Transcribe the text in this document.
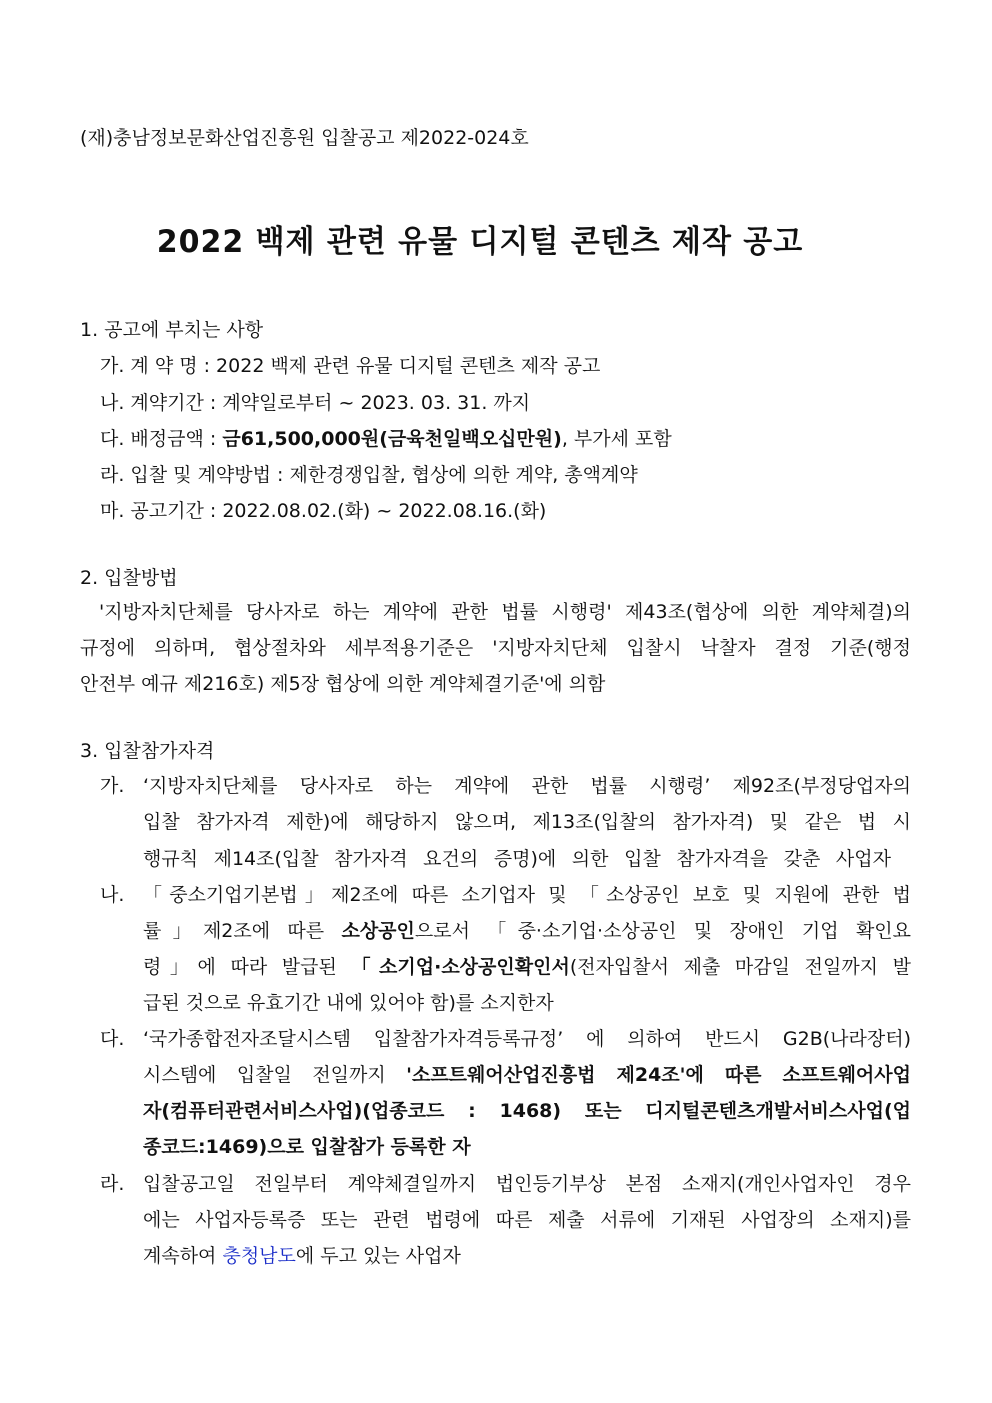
(재)충남정보문화산업진흥원 입찰공고 제2022-024호
2022 백제 관련 유물 디지털 콘텐츠 제작 공고
1. 공고에 부치는 사항
가. 계 약 명 : 2022 백제 관련 유물 디지털 콘텐츠 제작 공고
나. 계약기간 : 계약일로부터 ~ 2023. 03. 31. 까지
다. 배정금액 : 금61,500,000원(금육천일백오십만원), 부가세 포함
라. 입찰 및 계약방법 : 제한경쟁입찰, 협상에 의한 계약, 총액계약
마. 공고기간 : 2022.08.02.(화) ~ 2022.08.16.(화)
2. 입찰방법
'지방자치단체를 당사자로 하는 계약에 관한 법률 시행령' 제43조(협상에 의한 계약체결)의
규정에 의하며, 협상절차와 세부적용기준은 '지방자치단체 입찰시 낙찰자 결정 기준(행정
안전부 예규 제216호) 제5장 협상에 의한 계약체결기준'에 의함
3. 입찰참가자격
가. ‘지방자치단체를 당사자로 하는 계약에 관한 법률 시행령’ 제92조(부정당업자의
입찰 참가자격 제한)에 해당하지 않으며, 제13조(입찰의 참가자격) 및 같은 법 시
행규칙 제14조(입찰 참가자격 요건의 증명)에 의한 입찰 참가자격을 갖춘 사업자
나. 「중소기업기본법」제2조에 따른 소기업자 및 「소상공인 보호 및 지원에 관한 법
률」제2조에 따른 소상공인으로서 「중·소기업·소상공인 및 장애인 기업 확인요
령」에 따라 발급된 「소기업·소상공인확인서(전자입찰서 제출 마감일 전일까지 발
급된 것으로 유효기간 내에 있어야 함)를 소지한자
다. ‘국가종합전자조달시스템 입찰참가자격등록규정’ 에 의하여 반드시 G2B(나라장터)
시스템에 입찰일 전일까지 '소프트웨어산업진흥법 제24조'에 따른 소프트웨어사업
자(컴퓨터관련서비스사업)(업종코드 : 1468) 또는 디지털콘텐츠개발서비스사업(업
종코드:1469)으로 입찰참가 등록한 자
라. 입찰공고일 전일부터 계약체결일까지 법인등기부상 본점 소재지(개인사업자인 경우
에는 사업자등록증 또는 관련 법령에 따른 제출 서류에 기재된 사업장의 소재지)를
계속하여 충청남도에 두고 있는 사업자
